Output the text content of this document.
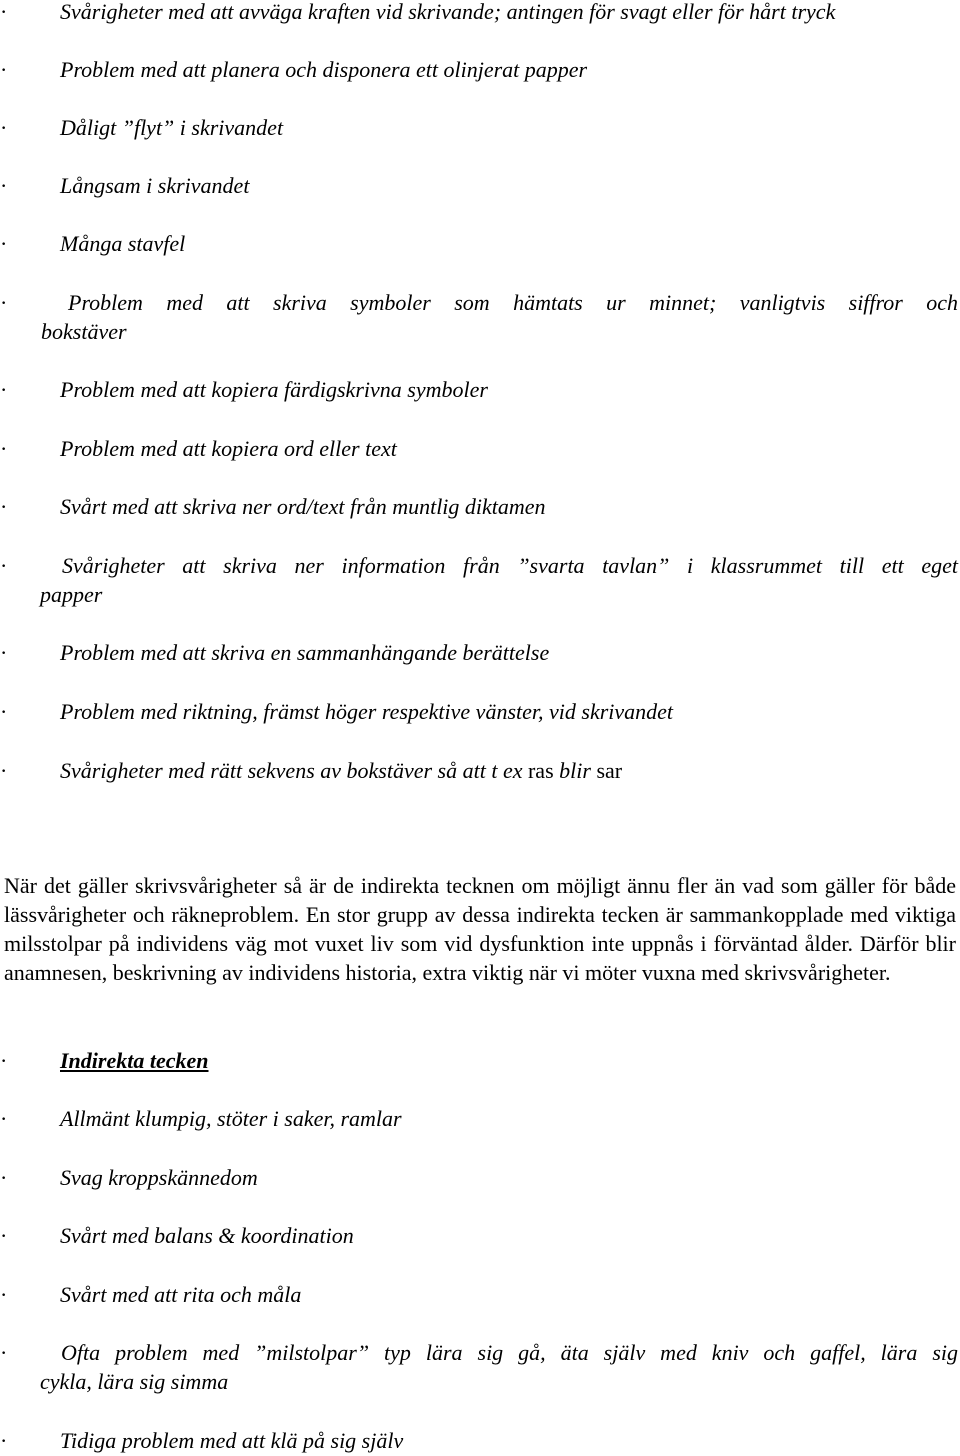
· Svårigheter med att avväga kraften vid skrivande; antingen för svagt eller för hårt tryck
· Problem med att planera och disponera ett olinjerat papper
· Dåligt ”flyt” i skrivandet
· Långsam i skrivandet
· Många stavfel
·	Problem med att skriva symboler som hämtats ur minnet; vanligtvis siffror och
bokstäver
· Problem med att kopiera färdigskrivna symboler
· Problem med att kopiera ord eller text
· Svårt med att skriva ner ord/text från muntlig diktamen
· Svårigheter att skriva ner information från ”svarta tavlan” i klassrummet till ett eget
papper
· Problem med att skriva en sammanhängande berättelse
· Problem med riktning, främst höger respektive vänster, vid skrivandet
· Svårigheter med rätt sekvens av bokstäver så att t ex ras blir sar
När det gäller skrivsvårigheter så är de indirekta tecknen om möjligt ännu fler än vad som gäller för både lässvårigheter och räkneproblem. En stor grupp av dessa indirekta tecken är sammankopplade med viktiga milsstolpar på individens väg mot vuxet liv som vid dysfunktion inte uppnås i förväntad ålder. Därför blir anamnesen, beskrivning av individens historia, extra viktig när vi möter vuxna med skrivsvårigheter.
· Indirekta tecken
· Allmänt klumpig, stöter i saker, ramlar
· Svag kroppskännedom
· Svårt med balans & koordination
· Svårt med att rita och måla
· Ofta problem med ”milstolpar” typ lära sig gå, äta själv med kniv och gaffel, lära sig
cykla, lära sig simma
· Tidiga problem med att klä på sig själv
